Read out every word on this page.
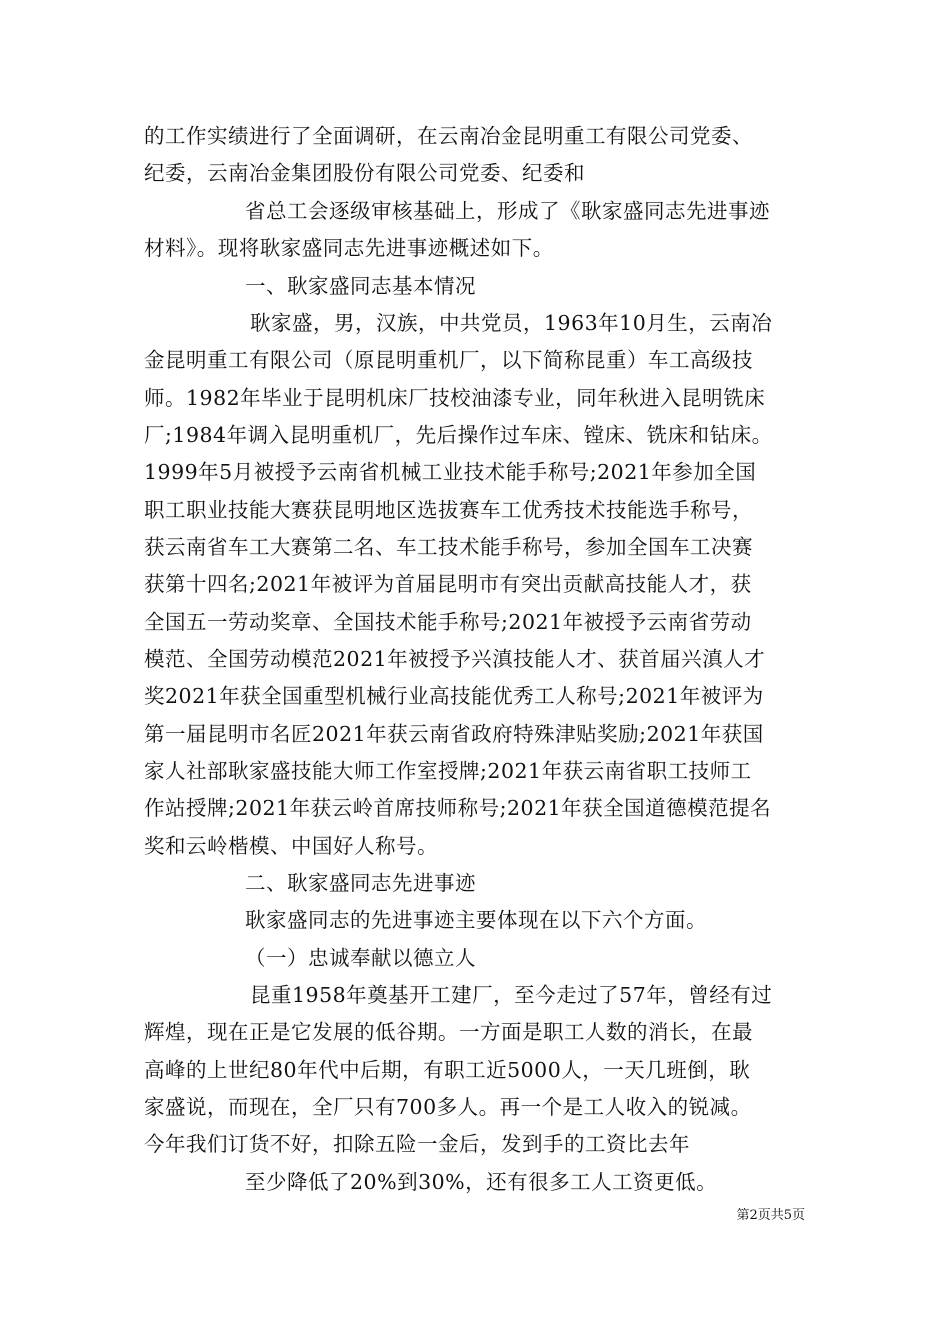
的工作实绩进行了全面调研，在云南冶金昆明重工有限公司党委、
纪委，云南冶金集团股份有限公司党委、纪委和
省总工会逐级审核基础上，形成了《耿家盛同志先进事迹
材料》。现将耿家盛同志先进事迹概述如下。
一、耿家盛同志基本情况
耿家盛，男，汉族，中共党员，1963年10月生，云南冶
金昆明重工有限公司（原昆明重机厂，以下简称昆重）车工高级技
师。1982年毕业于昆明机床厂技校油漆专业，同年秋进入昆明铣床
厂;1984年调入昆明重机厂，先后操作过车床、镗床、铣床和钻床。
1999年5月被授予云南省机械工业技术能手称号;2021年参加全国
职工职业技能大赛获昆明地区选拔赛车工优秀技术技能选手称号，
获云南省车工大赛第二名、车工技术能手称号，参加全国车工决赛
获第十四名;2021年被评为首届昆明市有突出贡献高技能人才，获
全国五一劳动奖章、全国技术能手称号;2021年被授予云南省劳动
模范、全国劳动模范2021年被授予兴滇技能人才、获首届兴滇人才
奖2021年获全国重型机械行业高技能优秀工人称号;2021年被评为
第一届昆明市名匠2021年获云南省政府特殊津贴奖励;2021年获国
家人社部耿家盛技能大师工作室授牌;2021年获云南省职工技师工
作站授牌;2021年获云岭首席技师称号;2021年获全国道德模范提名
奖和云岭楷模、中国好人称号。
二、耿家盛同志先进事迹
耿家盛同志的先进事迹主要体现在以下六个方面。
（一）忠诚奉献以德立人
昆重1958年奠基开工建厂，至今走过了57年，曾经有过
辉煌，现在正是它发展的低谷期。一方面是职工人数的消长，在最
高峰的上世纪80年代中后期，有职工近5000人，一天几班倒，耿
家盛说，而现在，全厂只有700多人。再一个是工人收入的锐减。
今年我们订货不好，扣除五险一金后，发到手的工资比去年
至少降低了20%到30%，还有很多工人工资更低。
第2页共5页
